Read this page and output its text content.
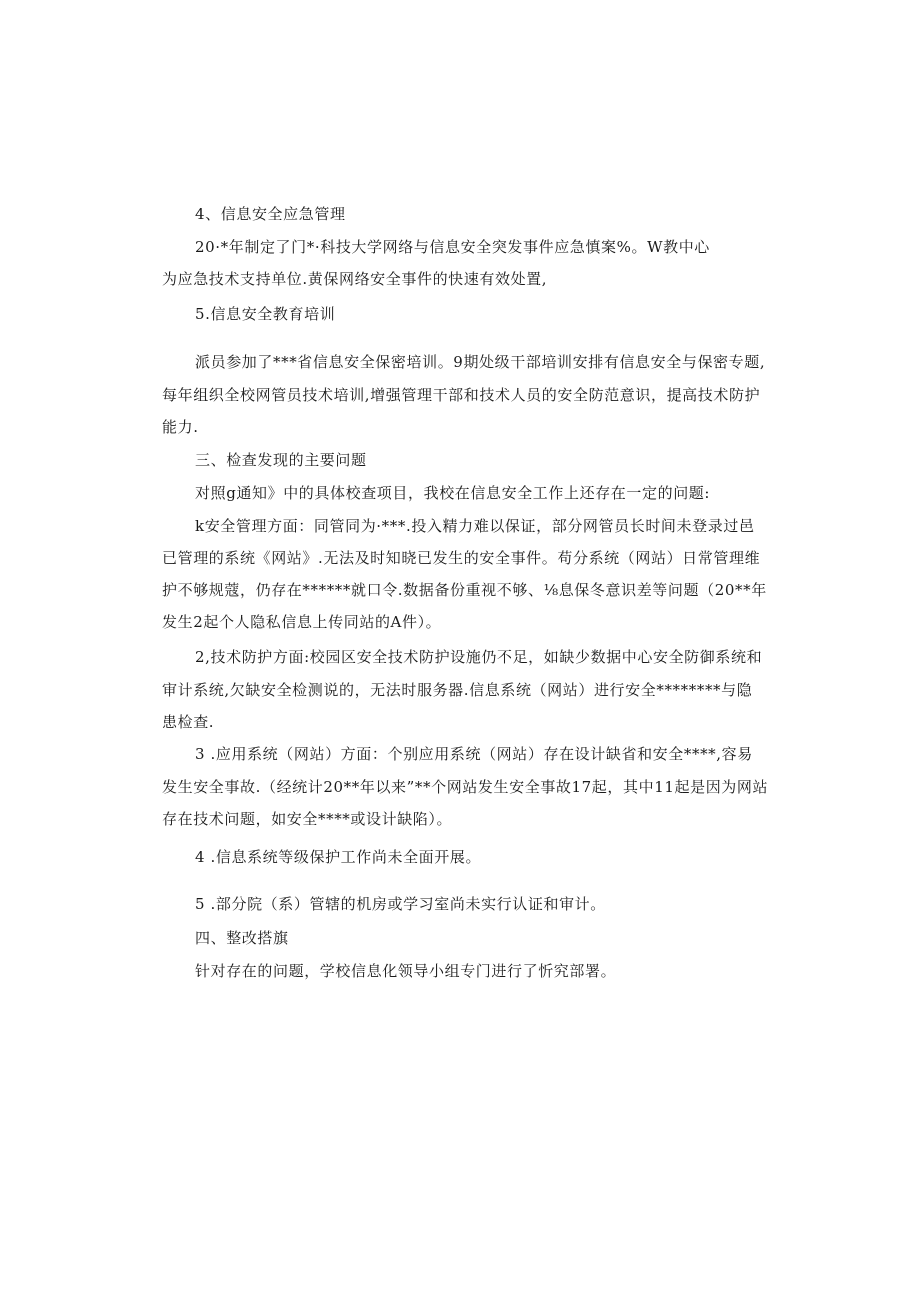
4、信息安全应急管理
20·*年制定了门*·科技大学网络与信息安全突发事件应急慎案%。W教中心
为应急技术支持单位.黄保网络安全事件的快速有效处置,
5.信息安全教育培训
派员参加了***省信息安全保密培训。9期处级干部培训安排有信息安全与保密专题,
每年组织全校网管员技术培训,增强管理干部和技术人员的安全防范意识，提高技术防护
能力.
三、检查发现的主要问题
对照g通知》中的具体校查项目，我校在信息安全工作上还存在一定的问题:
k安全管理方面：同管同为·***.投入精力难以保证，部分网管员长时间未登录过邑
已管理的系统《网站》.无法及时知晓已发生的安全事件。苟分系统（网站）日常管理维
护不够规蔻，仍存在******就口令.数据备份重视不够、⅛息保冬意识差等问题（20**年
发生2起个人隐私信息上传同站的A件）。
2,技术防护方面:校园区安全技术防护设施仍不足，如缺少数据中心安全防御系统和
审计系统,欠缺安全检测说的，无法时服务器.信息系统（网站）进行安全********与隐
患检查.
3 .应用系统（网站）方面：个别应用系统（网站）存在设计缺省和安全****,容易
发生安全事故.（经统计20**年以来”**个网站发生安全事故17起，其中11起是因为网站
存在技术问题，如安全****或设计缺陷）。
4 .信息系统等级保护工作尚未全面开展。
5 .部分院（系）管辖的机房或学习室尚未实行认证和审计。
四、整改搭旗
针对存在的问题，学校信息化领导小组专门进行了忻究部署。
